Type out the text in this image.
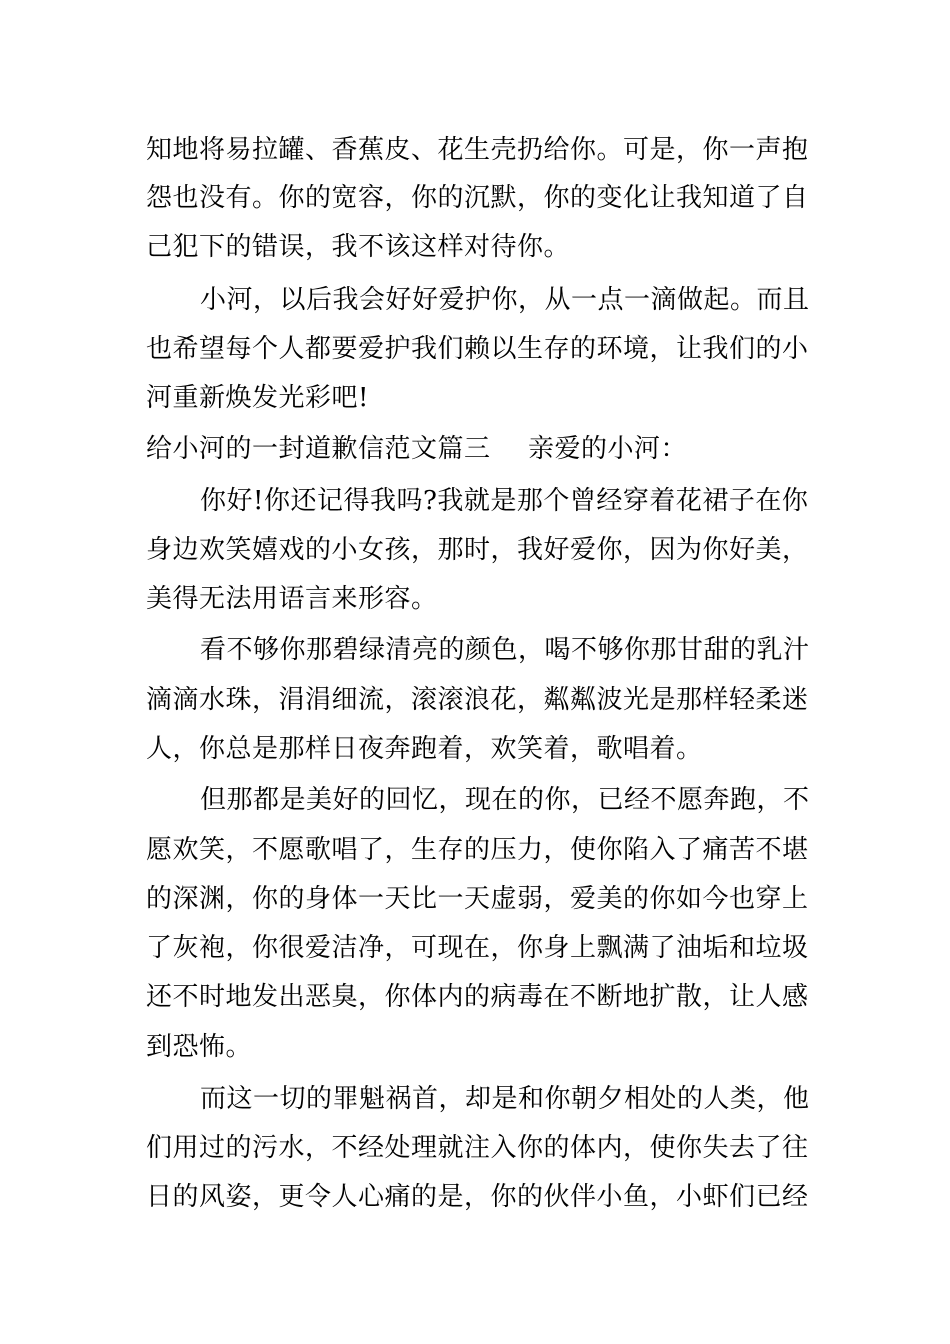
知地将易拉罐、香蕉皮、花生壳扔给你。可是，你一声抱
怨也没有。你的宽容，你的沉默，你的变化让我知道了自
己犯下的错误，我不该这样对待你。
小河，以后我会好好爱护你，从一点一滴做起。而且
也希望每个人都要爱护我们赖以生存的环境，让我们的小
河重新焕发光彩吧!
给小河的一封道歉信范文篇三 亲爱的小河：
你好!你还记得我吗?我就是那个曾经穿着花裙子在你
身边欢笑嬉戏的小女孩，那时，我好爱你，因为你好美，
美得无法用语言来形容。
看不够你那碧绿清亮的颜色，喝不够你那甘甜的乳汁
滴滴水珠，涓涓细流，滚滚浪花，粼粼波光是那样轻柔迷
人，你总是那样日夜奔跑着，欢笑着，歌唱着。
但那都是美好的回忆，现在的你，已经不愿奔跑，不
愿欢笑，不愿歌唱了，生存的压力，使你陷入了痛苦不堪
的深渊，你的身体一天比一天虚弱，爱美的你如今也穿上
了灰袍，你很爱洁净，可现在，你身上飘满了油垢和垃圾
还不时地发出恶臭，你体内的病毒在不断地扩散，让人感
到恐怖。
而这一切的罪魁祸首，却是和你朝夕相处的人类，他
们用过的污水，不经处理就注入你的体内，使你失去了往
日的风姿，更令人心痛的是，你的伙伴小鱼，小虾们已经
